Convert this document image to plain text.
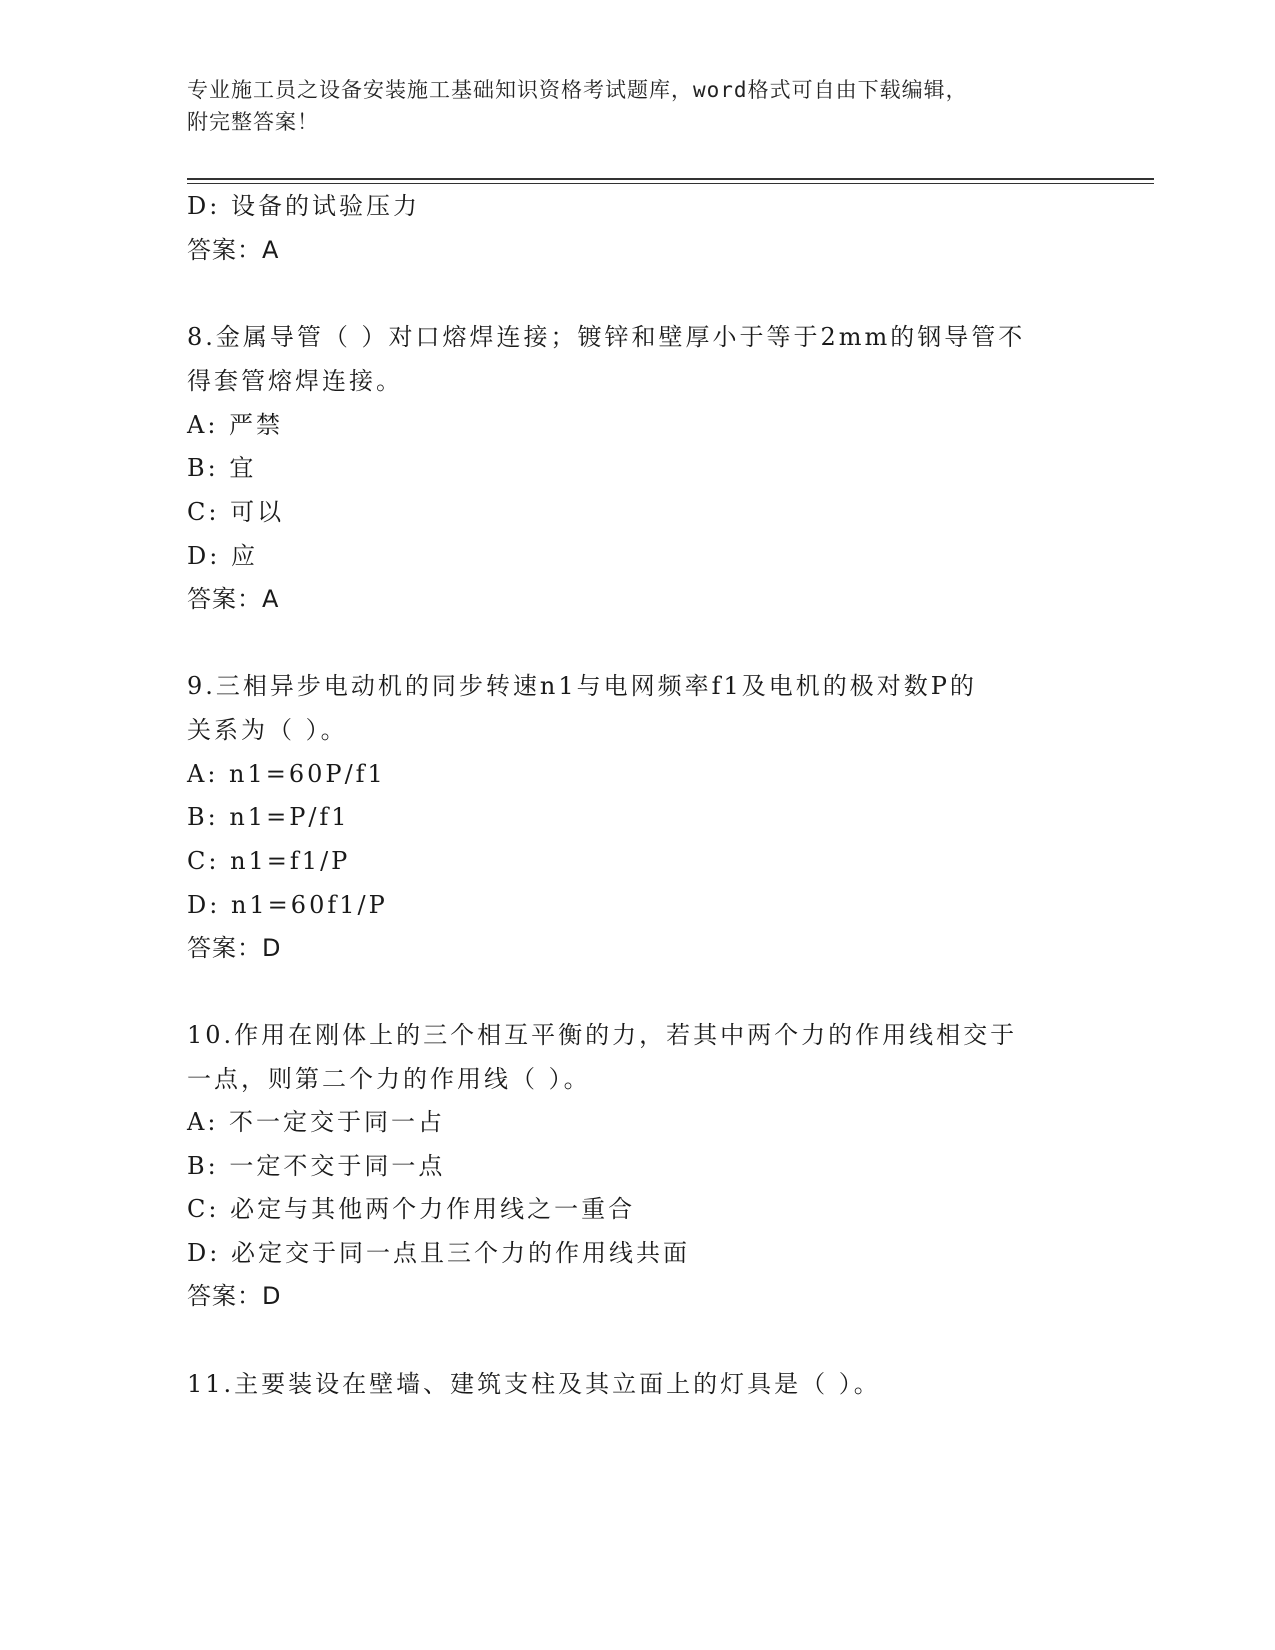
专业施工员之设备安装施工基础知识资格考试题库，word格式可自由下载编辑，
附完整答案！
D: 设备的试验压力
答案：A
8.金属导管（ ）对口熔焊连接；镀锌和壁厚小于等于2mm的钢导管不
得套管熔焊连接。
A: 严禁
B: 宜
C: 可以
D: 应
答案：A
9.三相异步电动机的同步转速n1与电网频率f1及电机的极对数P的
关系为（ ）。
A: n1=60P/f1
B: n1=P/f1
C: n1=f1/P
D: n1=60f1/P
答案：D
10.作用在刚体上的三个相互平衡的力，若其中两个力的作用线相交于
一点，则第二个力的作用线（ ）。
A: 不一定交于同一占
B: 一定不交于同一点
C: 必定与其他两个力作用线之一重合
D: 必定交于同一点且三个力的作用线共面
答案：D
11.主要装设在壁墙、建筑支柱及其立面上的灯具是（ ）。
